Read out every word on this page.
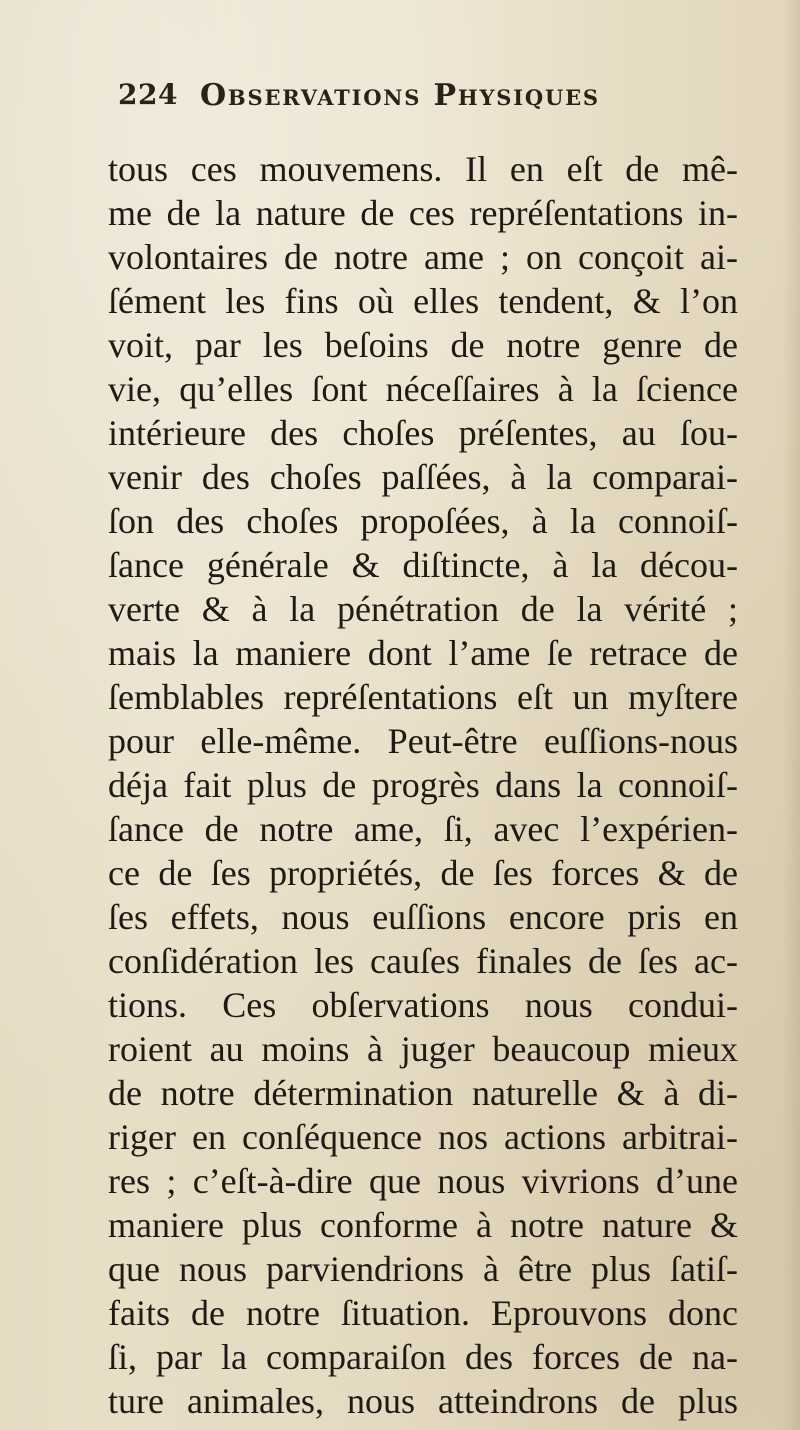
224 Observations Physiques
tous ces mouvemens. Il en eſt de mê-
me de la nature de ces repréſentations in-
volontaires de notre ame ; on conçoit ai-
ſément les fins où elles tendent, & l’on
voit, par les beſoins de notre genre de
vie, qu’elles ſont néceſſaires à la ſcience
intérieure des choſes préſentes, au ſou-
venir des choſes paſſées, à la comparai-
ſon des choſes propoſées, à la connoiſ-
ſance générale & diſtincte, à la décou-
verte & à la pénétration de la vérité ;
mais la maniere dont l’ame ſe retrace de
ſemblables repréſentations eſt un myſtere
pour elle-même. Peut-être euſſions-nous
déja fait plus de progrès dans la connoiſ-
ſance de notre ame, ſi, avec l’expérien-
ce de ſes propriétés, de ſes forces & de
ſes effets, nous euſſions encore pris en
conſidération les cauſes finales de ſes ac-
tions. Ces obſervations nous condui-
roient au moins à juger beaucoup mieux
de notre détermination naturelle & à di-
riger en conſéquence nos actions arbitrai-
res ; c’eſt-à-dire que nous vivrions d’une
maniere plus conforme à notre nature &
que nous parviendrions à être plus ſatiſ-
faits de notre ſituation. Eprouvons donc
ſi, par la comparaiſon des forces de na-
ture animales, nous atteindrons de plus
